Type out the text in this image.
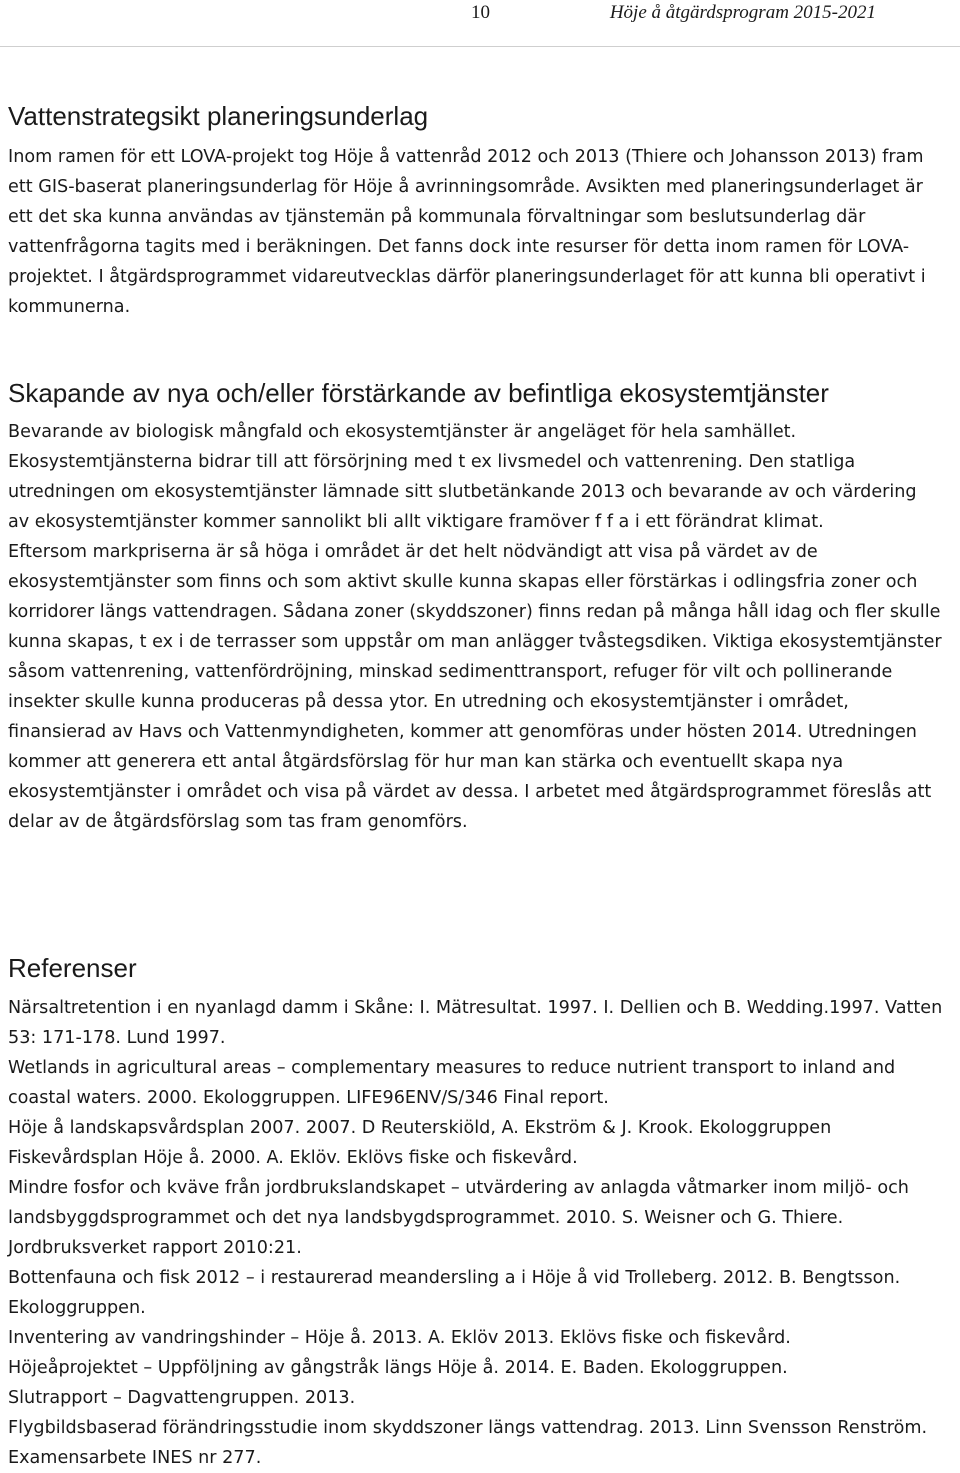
10	Höje å åtgärdsprogram 2015-2021
Vattenstrategsikt planeringsunderlag

Inom ramen för ett LOVA-projekt tog Höje å vattenråd 2012 och 2013 (Thiere och Johansson 2013) fram ett GIS-baserat planeringsunderlag för Höje å avrinningsområde. Avsikten med planeringsunderlaget är ett det ska kunna användas av tjänstemän på kommunala förvaltningar som beslutsunderlag där vattenfrågorna tagits med i beräkningen. Det fanns dock inte resurser för detta inom ramen för LOVA-projektet. I åtgärdsprogrammet vidareutvecklas därför planeringsunderlaget för att kunna bli operativt i kommunerna.

Skapande av nya och/eller förstärkande av befintliga ekosystemtjänster
Bevarande av biologisk mångfald och ekosystemtjänster är angeläget för hela samhället. Ekosystemtjänsterna bidrar till att försörjning med t ex livsmedel och vattenrening. Den statliga utredningen om ekosystemtjänster lämnade sitt slutbetänkande 2013 och bevarande av och värdering av ekosystemtjänster kommer sannolikt bli allt viktigare framöver f f a i ett förändrat klimat.
Eftersom markpriserna är så höga i området är det helt nödvändigt att visa på värdet av de ekosystemtjänster som finns och som aktivt skulle kunna skapas eller förstärkas i odlingsfria zoner och korridorer längs vattendragen. Sådana zoner (skyddszoner) finns redan på många håll idag och fler skulle kunna skapas, t ex i de terrasser som uppstår om man anlägger tvåstegsdiken. Viktiga ekosystemtjänster såsom vattenrening, vattenfördröjning, minskad sedimenttransport, refuger för vilt och pollinerande insekter skulle kunna produceras på dessa ytor. En utredning och ekosystemtjänster i området, finansierad av Havs och Vattenmyndigheten, kommer att genomföras under hösten 2014. Utredningen kommer att generera ett antal åtgärdsförslag för hur man kan stärka och eventuellt skapa nya ekosystemtjänster i området och visa på värdet av dessa. I arbetet med åtgärdsprogrammet föreslås att delar av de åtgärdsförslag som tas fram genomförs.
Referenser
Närsaltretention i en nyanlagd damm i Skåne: I. Mätresultat. 1997. I. Dellien och B. Wedding.1997. Vatten 53: 171-178. Lund 1997.
Wetlands in agricultural areas – complementary measures to reduce nutrient transport to inland and coastal waters. 2000. Ekologgruppen. LIFE96ENV/S/346 Final report.
Höje å landskapsvårdsplan 2007. 2007. D Reuterskiöld, A. Ekström & J. Krook. Ekologgruppen
Fiskevårdsplan Höje å. 2000. A. Eklöv. Eklövs fiske och fiskevård.
Mindre fosfor och kväve från jordbrukslandskapet – utvärdering av anlagda våtmarker inom miljö- och landsbyggdsprogrammet och det nya landsbygdsprogrammet. 2010. S. Weisner och G. Thiere. Jordbruksverket rapport 2010:21.
Bottenfauna och fisk 2012 – i restaurerad meandersling a i Höje å vid Trolleberg. 2012. B. Bengtsson. Ekologgruppen.
Inventering av vandringshinder – Höje å. 2013. A. Eklöv 2013. Eklövs fiske och fiskevård.
Höjeåprojektet – Uppföljning av gångstråk längs Höje å. 2014. E. Baden. Ekologgruppen.
Slutrapport – Dagvattengruppen. 2013.
Flygbildsbaserad förändringsstudie inom skyddszoner längs vattendrag. 2013. Linn Svensson Renström. Examensarbete INES nr 277.
